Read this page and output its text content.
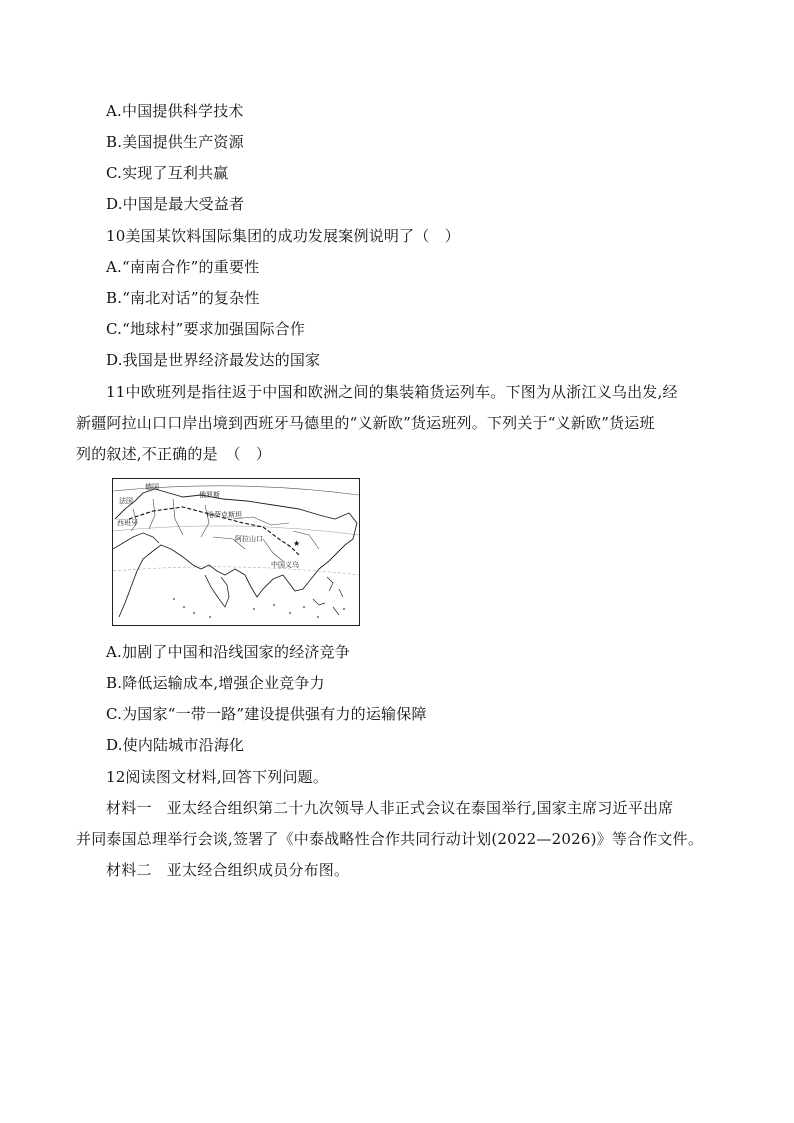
A.中国提供科学技术
B.美国提供生产资源
C.实现了互利共赢
D.中国是最大受益者
10美国某饮料国际集团的成功发展案例说明了（　）
A.“南南合作”的重要性
B.“南北对话”的复杂性
C.“地球村”要求加强国际合作
D.我国是世界经济最发达的国家
11中欧班列是指往返于中国和欧洲之间的集装箱货运列车。下图为从浙江义乌出发,经
新疆阿拉山口口岸出境到西班牙马德里的“义新欧”货运班列。下列关于“义新欧”货运班
列的叙述,不正确的是　（　）
★
德国
俄罗斯
法国
哈萨克斯坦
西班牙
阿拉山口
中国义乌
A.加剧了中国和沿线国家的经济竞争
B.降低运输成本,增强企业竞争力
C.为国家“一带一路”建设提供强有力的运输保障
D.使内陆城市沿海化
12阅读图文材料,回答下列问题。
材料一　亚太经合组织第二十九次领导人非正式会议在泰国举行,国家主席习近平出席
并同泰国总理举行会谈,签署了《中泰战略性合作共同行动计划(2022—2026)》等合作文件。
材料二　亚太经合组织成员分布图。
